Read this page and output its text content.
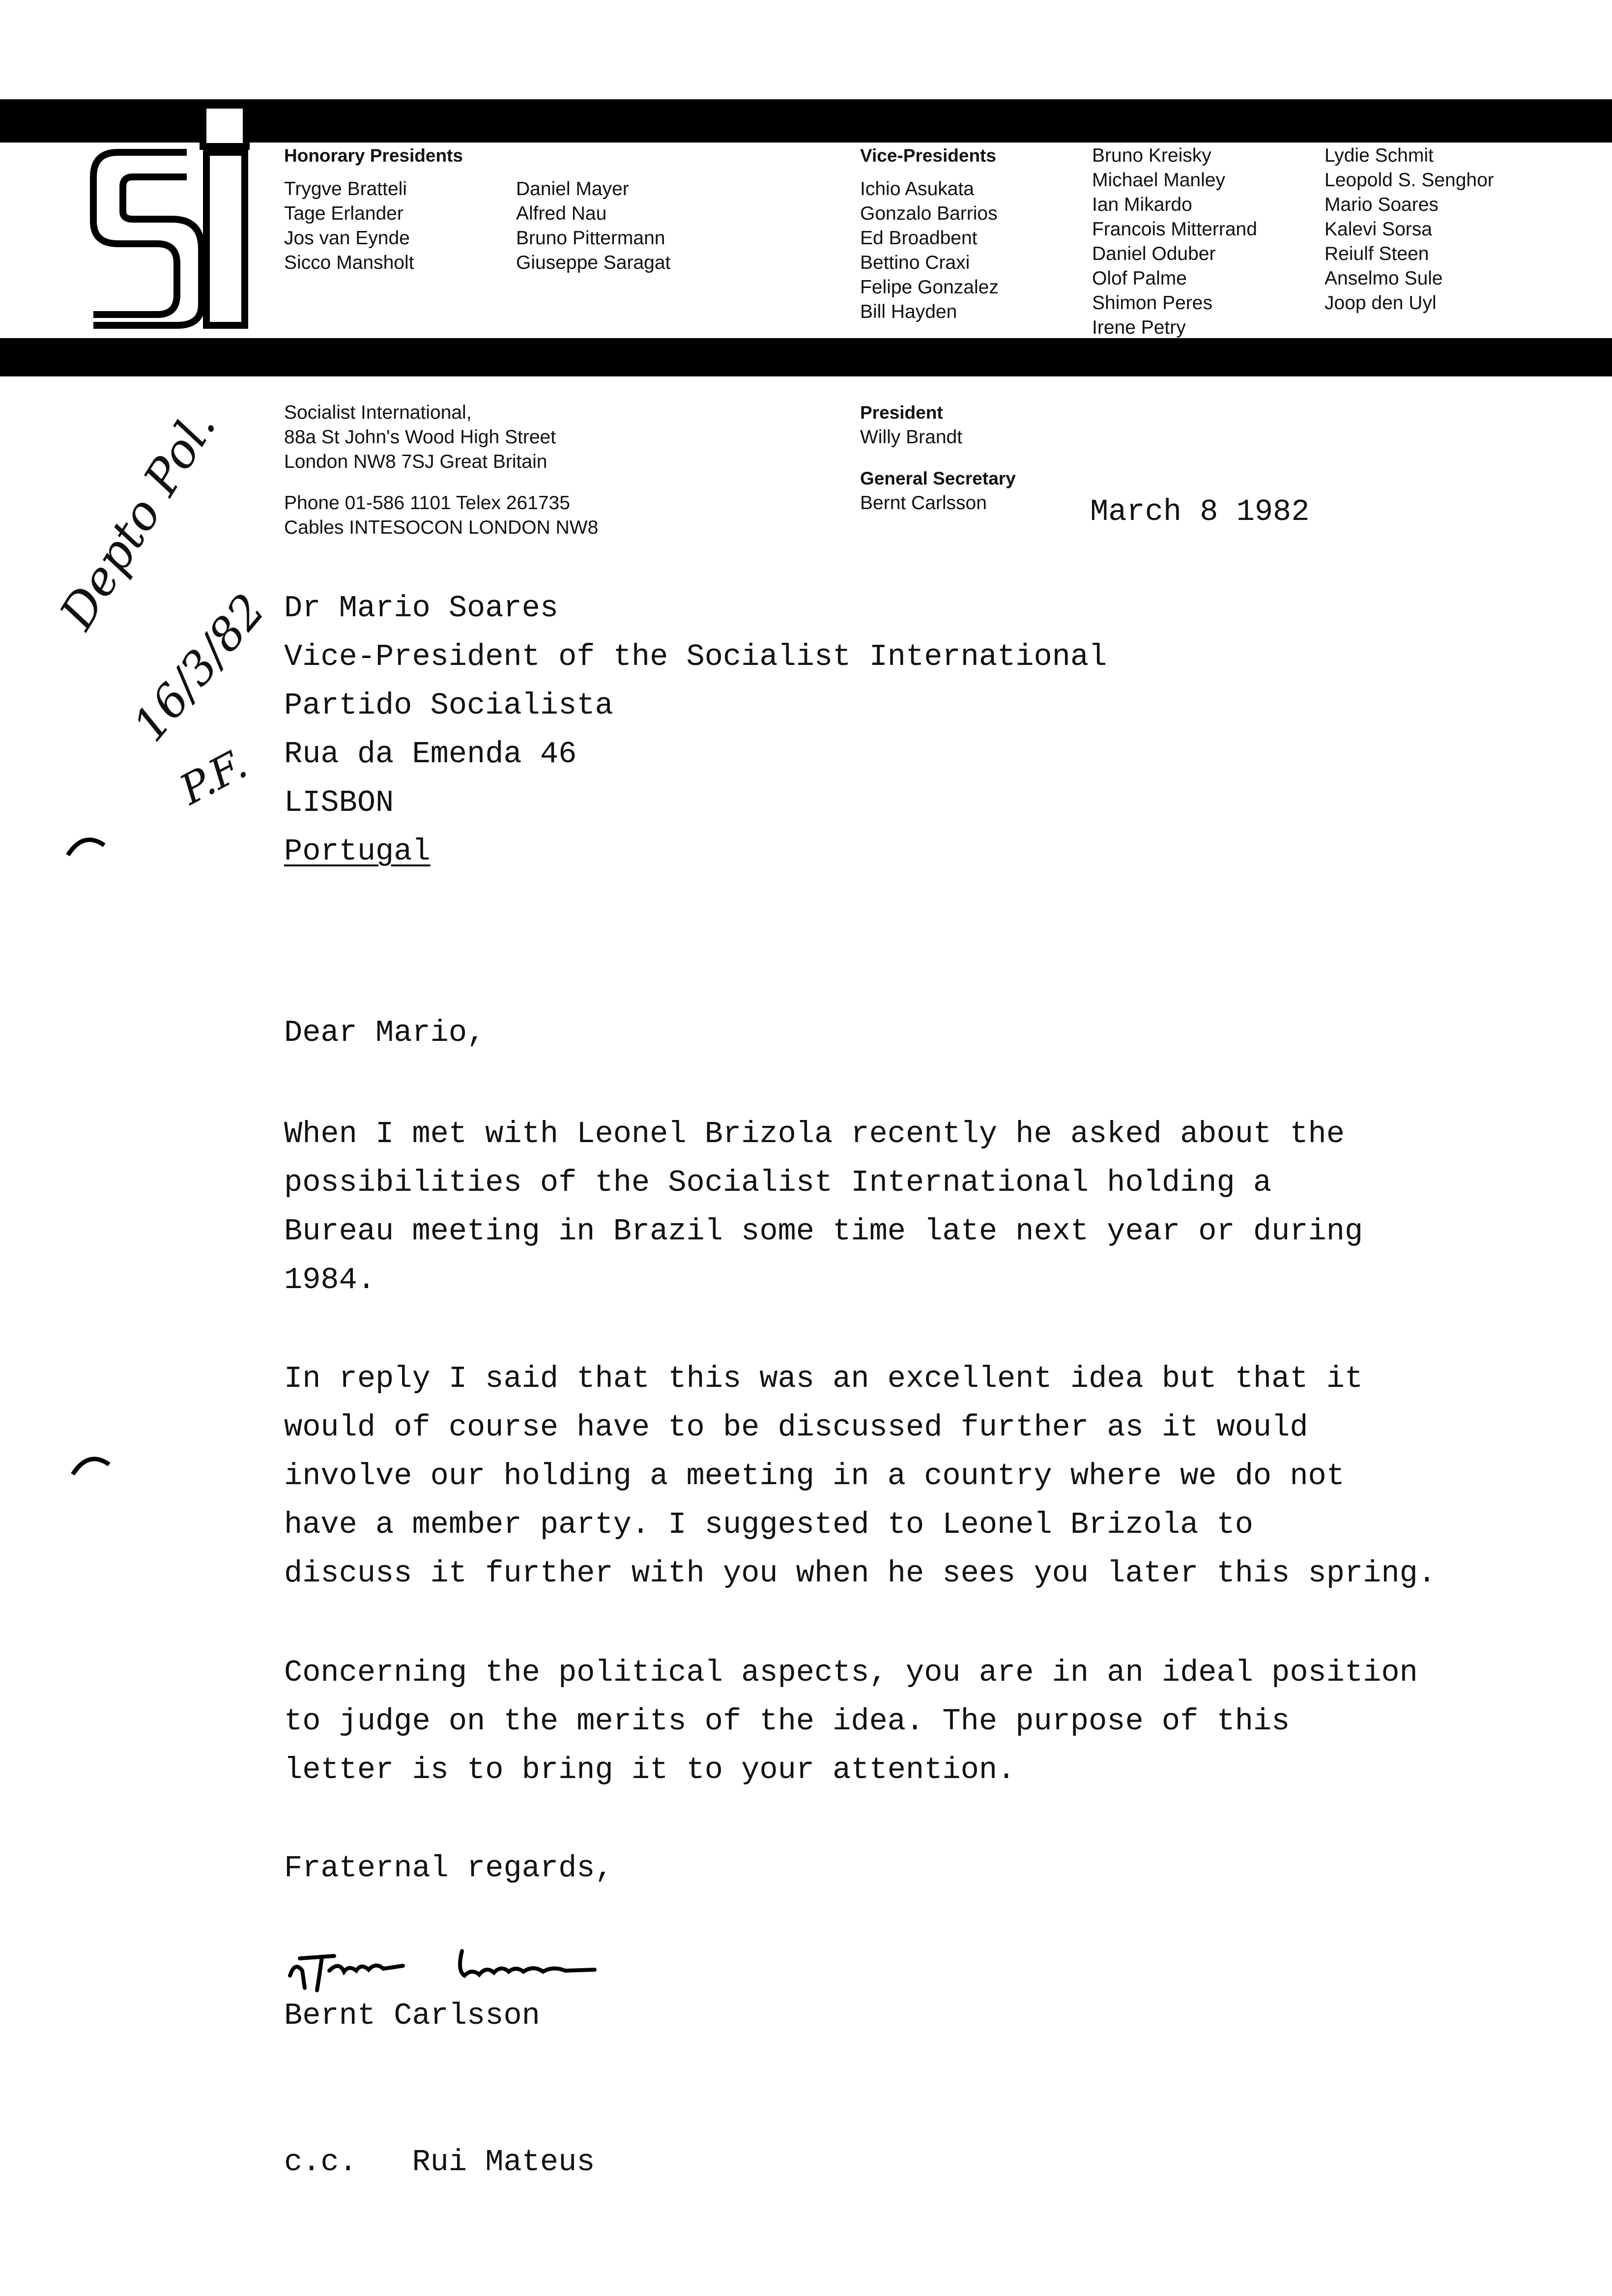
Honorary Presidents
Trygve Bratteli
Tage Erlander
Jos van Eynde
Sicco Mansholt
Daniel Mayer
Alfred Nau
Bruno Pittermann
Giuseppe Saragat
Vice-Presidents
Ichio Asukata
Gonzalo Barrios
Ed Broadbent
Bettino Craxi
Felipe Gonzalez
Bill Hayden
Bruno Kreisky
Michael Manley
Ian Mikardo
Francois Mitterrand
Daniel Oduber
Olof Palme
Shimon Peres
Irene Petry
Lydie Schmit
Leopold S. Senghor
Mario Soares
Kalevi Sorsa
Reiulf Steen
Anselmo Sule
Joop den Uyl
Socialist International,
88a St John's Wood High Street
London NW8 7SJ Great Britain
Phone 01-586 1101 Telex 261735
Cables INTESOCON LONDON NW8
President
Willy Brandt
General Secretary
Bernt Carlsson	March 8 1982
Depto Pol.
16/3/82
P.F.
Dr Mario Soares
Vice-President of the Socialist International
Partido Socialista
Rua da Emenda 46
LISBON
Portugal
Dear Mario,
When I met with Leonel Brizola recently he asked about the
possibilities of the Socialist International holding a
Bureau meeting in Brazil some time late next year or during
1984.
In reply I said that this was an excellent idea but that it
would of course have to be discussed further as it would
involve our holding a meeting in a country where we do not
have a member party. I suggested to Leonel Brizola to
discuss it further with you when he sees you later this spring.
Concerning the political aspects, you are in an ideal position
to judge on the merits of the idea. The purpose of this
letter is to bring it to your attention.
Fraternal regards,
Bernt Carlsson
c.c.   Rui Mateus
